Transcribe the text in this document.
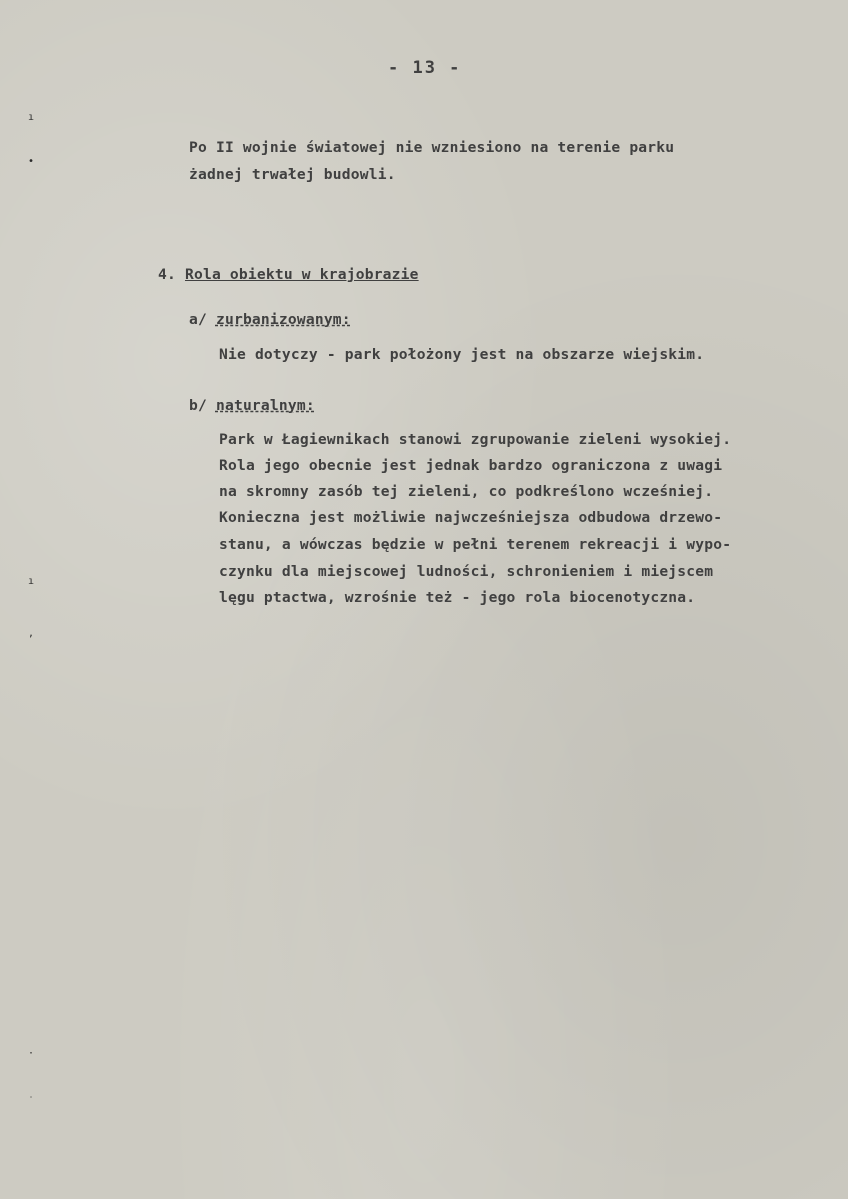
- 13 -
Po II wojnie światowej nie wzniesiono na terenie parku
żadnej trwałej budowli.
4. Rola obiektu w krajobrazie
a/ zurbanizowanym:
Nie dotyczy - park położony jest na obszarze wiejskim.
b/ naturalnym:
Park w Łagiewnikach stanowi zgrupowanie zieleni wysokiej.
Rola jego obecnie jest jednak bardzo ograniczona z uwagi
na skromny zasób tej zieleni, co podkreślono wcześniej.
Konieczna jest możliwie najwcześniejsza odbudowa drzewo-
stanu, a wówczas będzie w pełni terenem rekreacji i wypo-
czynku dla miejscowej ludności, schronieniem i miejscem
lęgu ptactwa, wzrośnie też - jego rola biocenotyczna.
ı
•
ı
,
·
˙
